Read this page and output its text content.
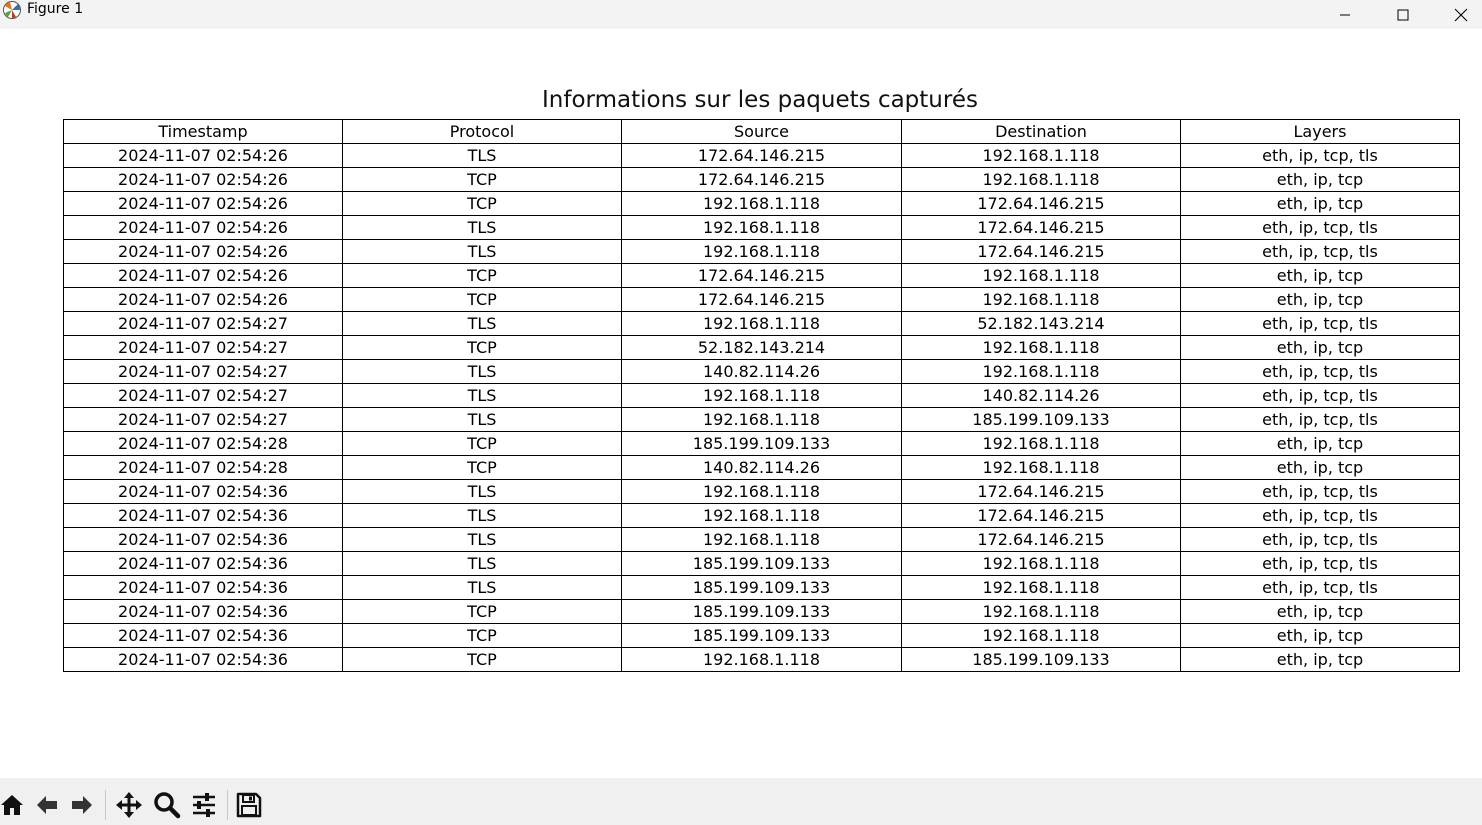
Figure 1
Informations sur les paquets capturés
Timestamp	Protocol	Source	Destination	Layers
2024-11-07 02:54:26	TLS	172.64.146.215	192.168.1.118	eth, ip, tcp, tls
2024-11-07 02:54:26	TCP	172.64.146.215	192.168.1.118	eth, ip, tcp
2024-11-07 02:54:26	TCP	192.168.1.118	172.64.146.215	eth, ip, tcp
2024-11-07 02:54:26	TLS	192.168.1.118	172.64.146.215	eth, ip, tcp, tls
2024-11-07 02:54:26	TLS	192.168.1.118	172.64.146.215	eth, ip, tcp, tls
2024-11-07 02:54:26	TCP	172.64.146.215	192.168.1.118	eth, ip, tcp
2024-11-07 02:54:26	TCP	172.64.146.215	192.168.1.118	eth, ip, tcp
2024-11-07 02:54:27	TLS	192.168.1.118	52.182.143.214	eth, ip, tcp, tls
2024-11-07 02:54:27	TCP	52.182.143.214	192.168.1.118	eth, ip, tcp
2024-11-07 02:54:27	TLS	140.82.114.26	192.168.1.118	eth, ip, tcp, tls
2024-11-07 02:54:27	TLS	192.168.1.118	140.82.114.26	eth, ip, tcp, tls
2024-11-07 02:54:27	TLS	192.168.1.118	185.199.109.133	eth, ip, tcp, tls
2024-11-07 02:54:28	TCP	185.199.109.133	192.168.1.118	eth, ip, tcp
2024-11-07 02:54:28	TCP	140.82.114.26	192.168.1.118	eth, ip, tcp
2024-11-07 02:54:36	TLS	192.168.1.118	172.64.146.215	eth, ip, tcp, tls
2024-11-07 02:54:36	TLS	192.168.1.118	172.64.146.215	eth, ip, tcp, tls
2024-11-07 02:54:36	TLS	192.168.1.118	172.64.146.215	eth, ip, tcp, tls
2024-11-07 02:54:36	TLS	185.199.109.133	192.168.1.118	eth, ip, tcp, tls
2024-11-07 02:54:36	TLS	185.199.109.133	192.168.1.118	eth, ip, tcp, tls
2024-11-07 02:54:36	TCP	185.199.109.133	192.168.1.118	eth, ip, tcp
2024-11-07 02:54:36	TCP	185.199.109.133	192.168.1.118	eth, ip, tcp
2024-11-07 02:54:36	TCP	192.168.1.118	185.199.109.133	eth, ip, tcp
